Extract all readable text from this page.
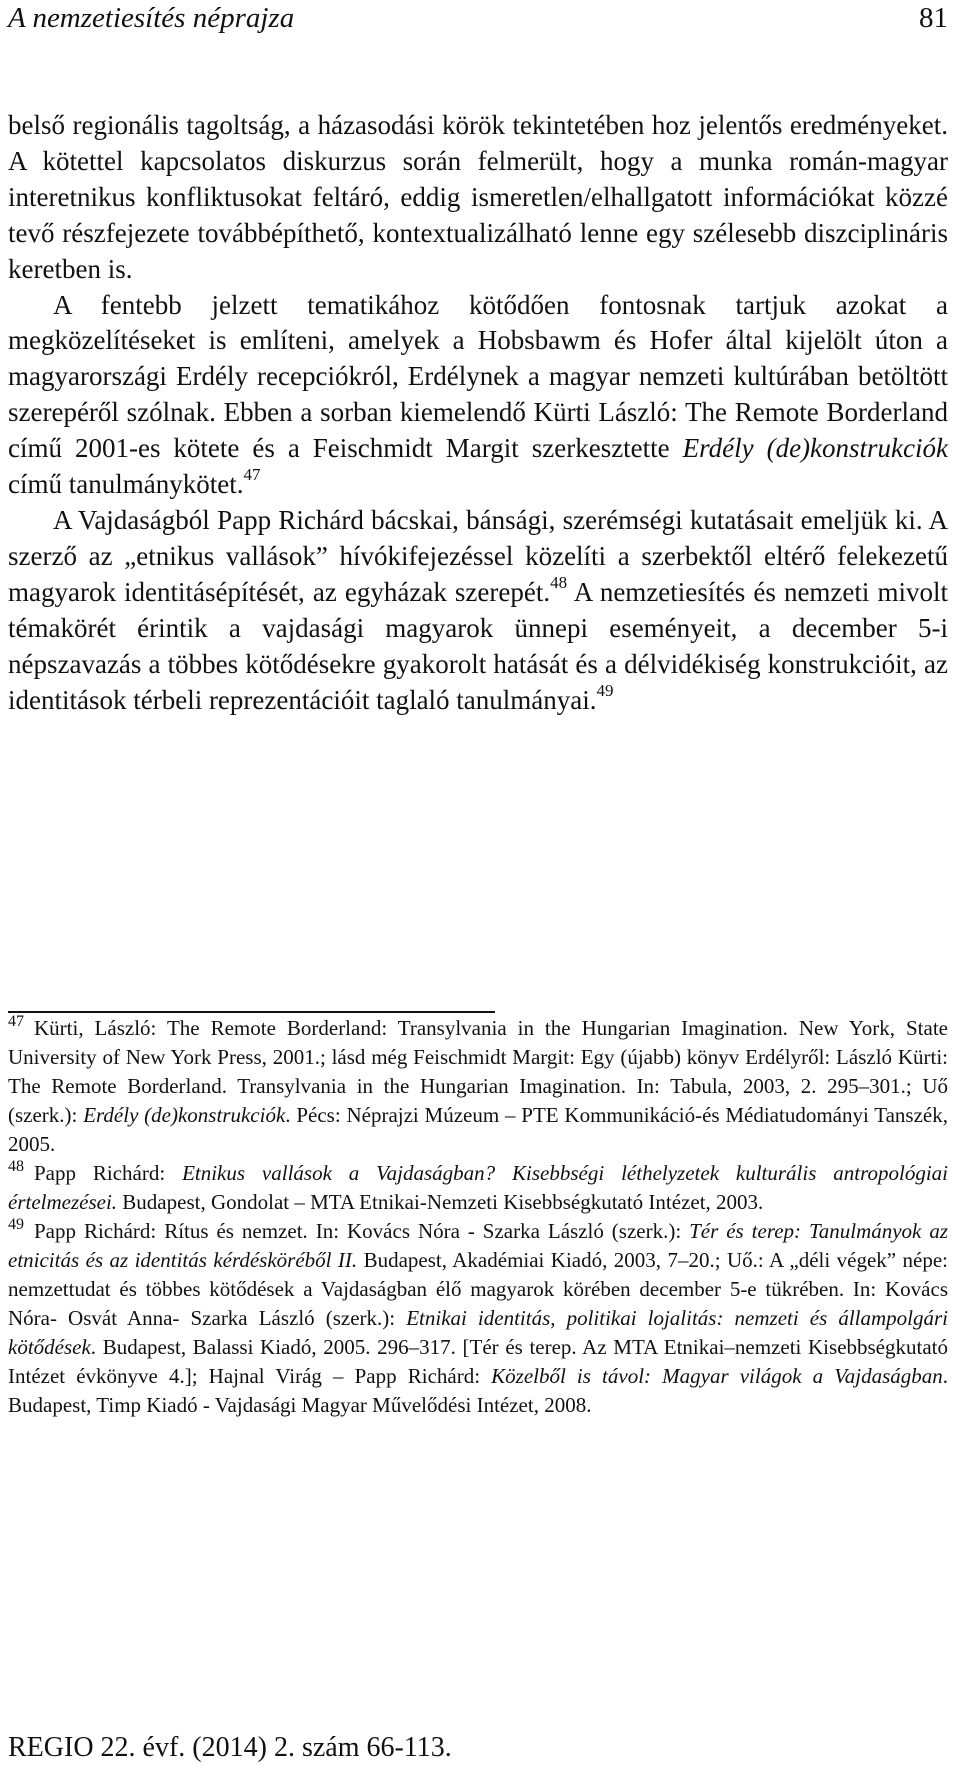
A nemzetiesítés néprajza	81

belső regionális tagoltság, a házasodási körök tekintetében hoz jelentős eredményeket. A kötettel kapcsolatos diskurzus során felmerült, hogy a munka román-magyar interetnikus konfliktusokat feltáró, eddig ismeretlen/elhallgatott információkat közzé tevő részfejezete továbbépíthető, kontextualizálható lenne egy szélesebb diszciplináris keretben is.

A fentebb jelzett tematikához kötődően fontosnak tartjuk azokat a megközelítéseket is említeni, amelyek a Hobsbawm és Hofer által kijelölt úton a magyarországi Erdély recepciókról, Erdélynek a magyar nemzeti kultúrában betöltött szerepéről szólnak. Ebben a sorban kiemelendő Kürti László: The Remote Borderland című 2001-es kötete és a Feischmidt Margit szerkesztette Erdély (de)konstrukciók című tanulmánykötet.$^{47}$

A Vajdaságból Papp Richárd bácskai, bánsági, szerémségi kutatásait emeljük ki. A szerző az „etnikus vallások” hívókifejezéssel közelíti a szerbektől eltérő felekezetű magyarok identitásépítését, az egyházak szerepét.$^{48}$ A nemzetiesítés és nemzeti mivolt témakörét érintik a vajdasági magyarok ünnepi eseményeit, a december 5-i népszavazás a többes kötődésekre gyakorolt hatását és a délvidékiség konstrukcióit, az identitások térbeli reprezentációit taglaló tanulmányai.$^{49}$

$^{47}$ Kürti, László: The Remote Borderland: Transylvania in the Hungarian Imagination. New York, State University of New York Press, 2001.; lásd még Feischmidt Margit: Egy (újabb) könyv Erdélyről: László Kürti: The Remote Borderland. Transylvania in the Hungarian Imagination. In: Tabula, 2003, 2. 295–301.; Uő (szerk.): Erdély (de)konstrukciók. Pécs: Néprajzi Múzeum – PTE Kommunikáció-és Médiatudományi Tanszék, 2005.

$^{48}$ Papp Richárd: Etnikus vallások a Vajdaságban? Kisebbségi léthelyzetek kulturális antropológiai értelmezései. Budapest, Gondolat – MTA Etnikai-Nemzeti Kisebbségkutató Intézet, 2003.

$^{49}$ Papp Richárd: Rítus és nemzet. In: Kovács Nóra - Szarka László (szerk.): Tér és terep: Tanulmányok az etnicitás és az identitás kérdésköréből II. Budapest, Akadémiai Kiadó, 2003, 7–20.; Uő.: A „déli végek” népe: nemzettudat és többes kötődések a Vajdaságban élő magyarok körében december 5-e tükrében. In: Kovács Nóra- Osvát Anna- Szarka László (szerk.): Etnikai identitás, politikai lojalitás: nemzeti és állampolgári kötődések. Budapest, Balassi Kiadó, 2005. 296–317. [Tér és terep. Az MTA Etnikai–nemzeti Kisebbségkutató Intézet évkönyve 4.]; Hajnal Virág – Papp Richárd: Közelből is távol: Magyar világok a Vajdaságban. Budapest, Timp Kiadó - Vajdasági Magyar Művelődési Intézet, 2008.

REGIO 22. évf. (2014) 2. szám 66-113.
